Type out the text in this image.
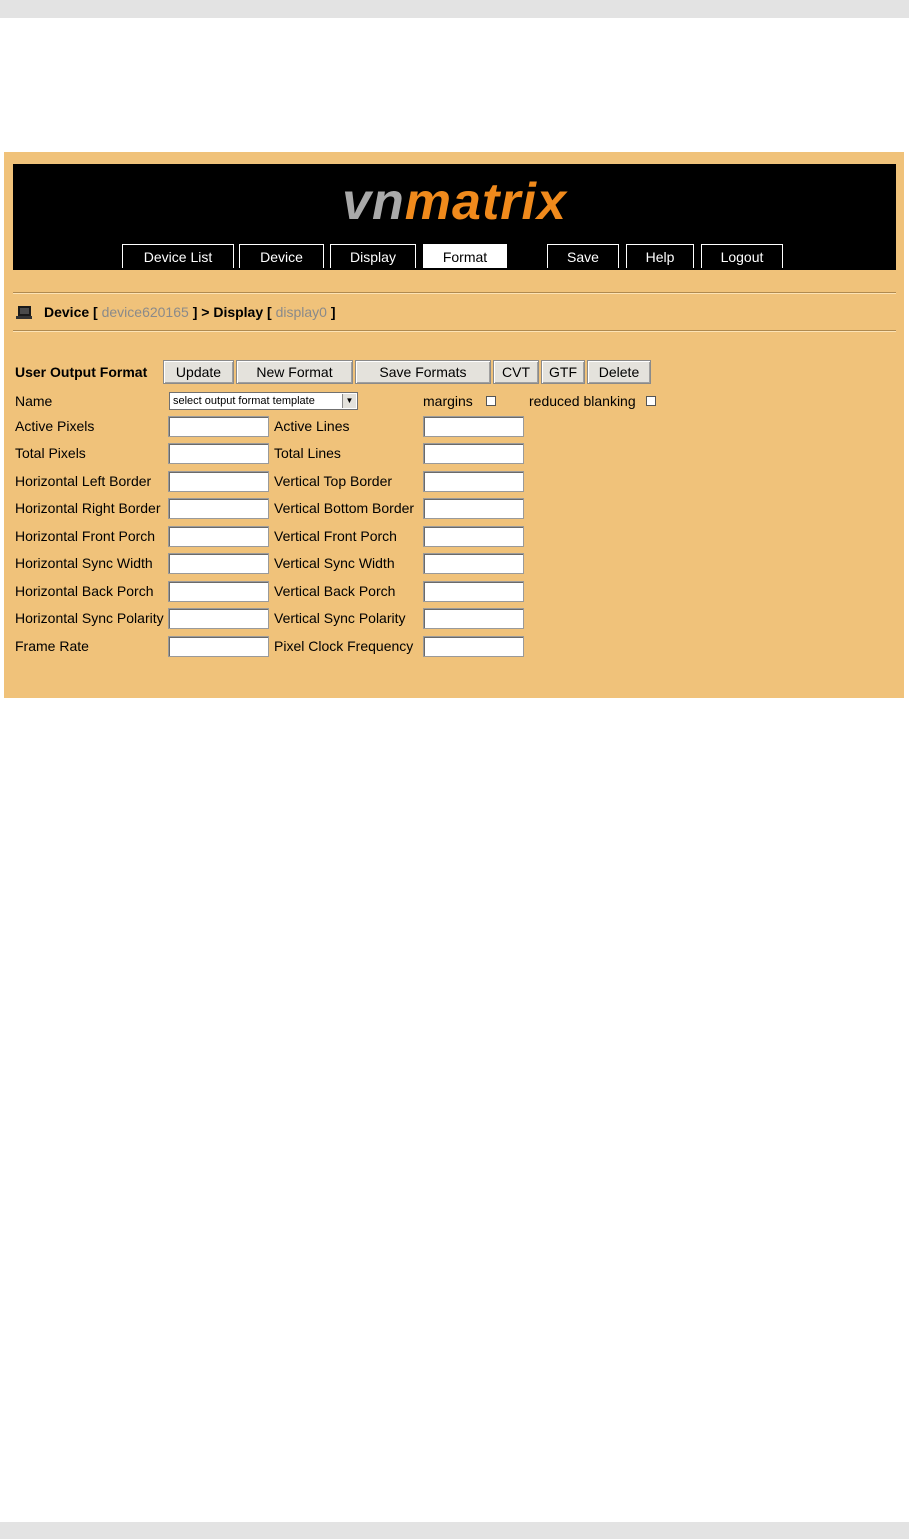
vnmatrix
Device List	Device	Display	Format	Save	Help	Logout
Device [ device620165 ] > Display [ display0 ]
User Output Format	Update	New Format	Save Formats	CVT	GTF	Delete
Name	select output format template	▼	margins	reduced blanking
Active Pixels	Active Lines
Total Pixels	Total Lines
Horizontal Left Border	Vertical Top Border
Horizontal Right Border	Vertical Bottom Border
Horizontal Front Porch	Vertical Front Porch
Horizontal Sync Width	Vertical Sync Width
Horizontal Back Porch	Vertical Back Porch
Horizontal Sync Polarity	Vertical Sync Polarity
Frame Rate	Pixel Clock Frequency
